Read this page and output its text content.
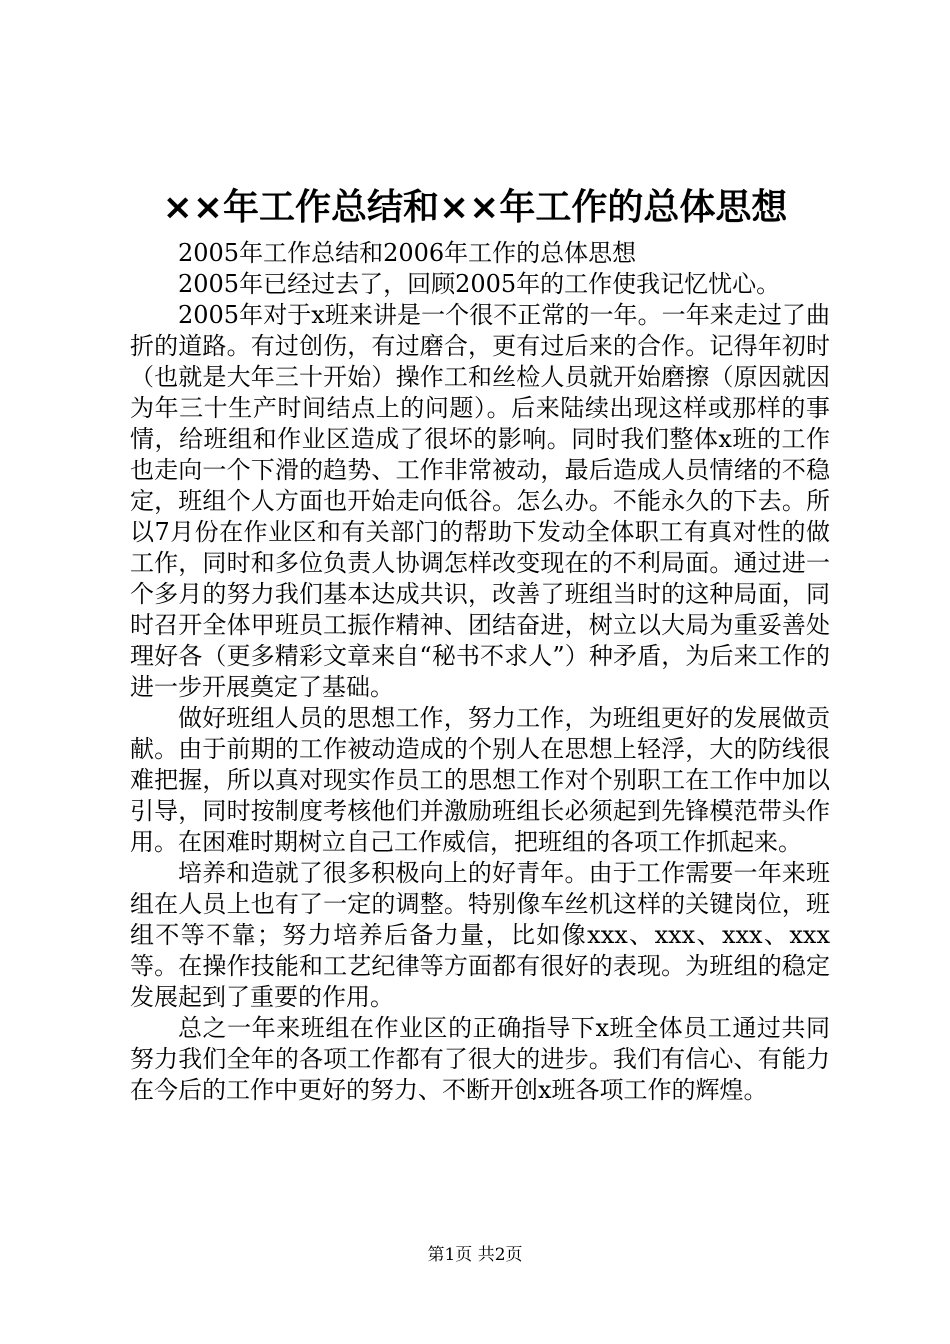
××年工作总结和××年工作的总体思想

2005年工作总结和2006年工作的总体思想

2005年已经过去了，回顾2005年的工作使我记忆忧心。

2005年对于x班来讲是一个很不正常的一年。一年来走过了曲折的道路。有过创伤，有过磨合，更有过后来的合作。记得年初时（也就是大年三十开始）操作工和丝检人员就开始磨擦（原因就因为年三十生产时间结点上的问题）。后来陆续出现这样或那样的事情，给班组和作业区造成了很坏的影响。同时我们整体x班的工作也走向一个下滑的趋势、工作非常被动，最后造成人员情绪的不稳定，班组个人方面也开始走向低谷。怎么办。不能永久的下去。所以7月份在作业区和有关部门的帮助下发动全体职工有真对性的做工作，同时和多位负责人协调怎样改变现在的不利局面。通过进一个多月的努力我们基本达成共识，改善了班组当时的这种局面，同时召开全体甲班员工振作精神、团结奋进，树立以大局为重妥善处理好各（更多精彩文章来自“秘书不求人”）种矛盾，为后来工作的进一步开展奠定了基础。

做好班组人员的思想工作，努力工作，为班组更好的发展做贡献。由于前期的工作被动造成的个别人在思想上轻浮，大的防线很难把握，所以真对现实作员工的思想工作对个别职工在工作中加以引导，同时按制度考核他们并激励班组长必须起到先锋模范带头作用。在困难时期树立自己工作威信，把班组的各项工作抓起来。

培养和造就了很多积极向上的好青年。由于工作需要一年来班组在人员上也有了一定的调整。特别像车丝机这样的关键岗位，班组不等不靠；努力培养后备力量，比如像xxx、xxx、xxx、xxx等。在操作技能和工艺纪律等方面都有很好的表现。为班组的稳定发展起到了重要的作用。

总之一年来班组在作业区的正确指导下x班全体员工通过共同努力我们全年的各项工作都有了很大的进步。我们有信心、有能力在今后的工作中更好的努力、不断开创x班各项工作的辉煌。

第1页 共2页
